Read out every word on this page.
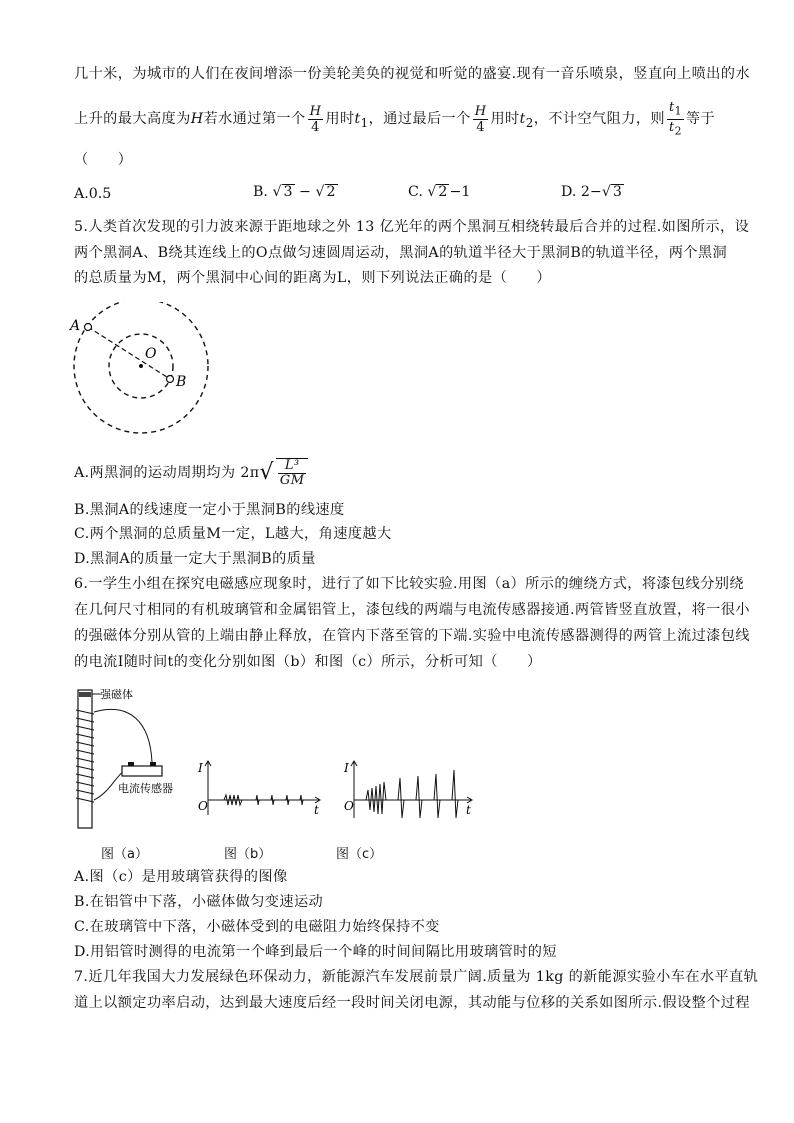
几十米，为城市的人们在夜间增添一份美轮美奂的视觉和听觉的盛宴.现有一音乐喷泉，竖直向上喷出的水
上升的最大高度为H若水通过第一个 $\frac{H}{4}$ 用时$t_1$，通过最后一个 $\frac{H}{4}$ 用时$t_2$，不计空气阻力，则 $\frac{t_1}{t_2}$ 等于
（　　）
A.0.5	B. √ 3 − √ 2	C. √ 2 −1	D. 2−√ 3
5.人类首次发现的引力波来源于距地球之外 13 亿光年的两个黑洞互相绕转最后合并的过程.如图所示，设
两个黑洞A、B绕其连线上的O点做匀速圆周运动，黑洞A的轨道半径大于黑洞B的轨道半径，两个黑洞
的总质量为M，两个黑洞中心间的距离为L，则下列说法正确的是（　　）
A
O
B
A.两黑洞的运动周期均为 $2\pi√ \frac{\text{L³}}{GM}$
B.黑洞A的线速度一定小于黑洞B的线速度
C.两个黑洞的总质量M一定，L越大，角速度越大
D.黑洞A的质量一定大于黑洞B的质量
6.一学生小组在探究电磁感应现象时，进行了如下比较实验.用图（a）所示的缠绕方式，将漆包线分别绕
在几何尺寸相同的有机玻璃管和金属铝管上，漆包线的两端与电流传感器接通.两管皆竖直放置，将一很小
的强磁体分别从管的上端由静止释放，在管内下落至管的下端.实验中电流传感器测得的两管上流过漆包线
的电流I随时间t的变化分别如图（b）和图（c）所示，分析可知（　　）
强磁体
电流传感器
I
t
O
I
t
O
图（a）	图（b）	图（c）
A.图（c）是用玻璃管获得的图像
B.在铝管中下落，小磁体做匀变速运动
C.在玻璃管中下落，小磁体受到的电磁阻力始终保持不变
D.用铝管时测得的电流第一个峰到最后一个峰的时间间隔比用玻璃管时的短
7.近几年我国大力发展绿色环保动力，新能源汽车发展前景广阔.质量为 1kg 的新能源实验小车在水平直轨
道上以额定功率启动，达到最大速度后经一段时间关闭电源，其动能与位移的关系如图所示.假设整个过程
